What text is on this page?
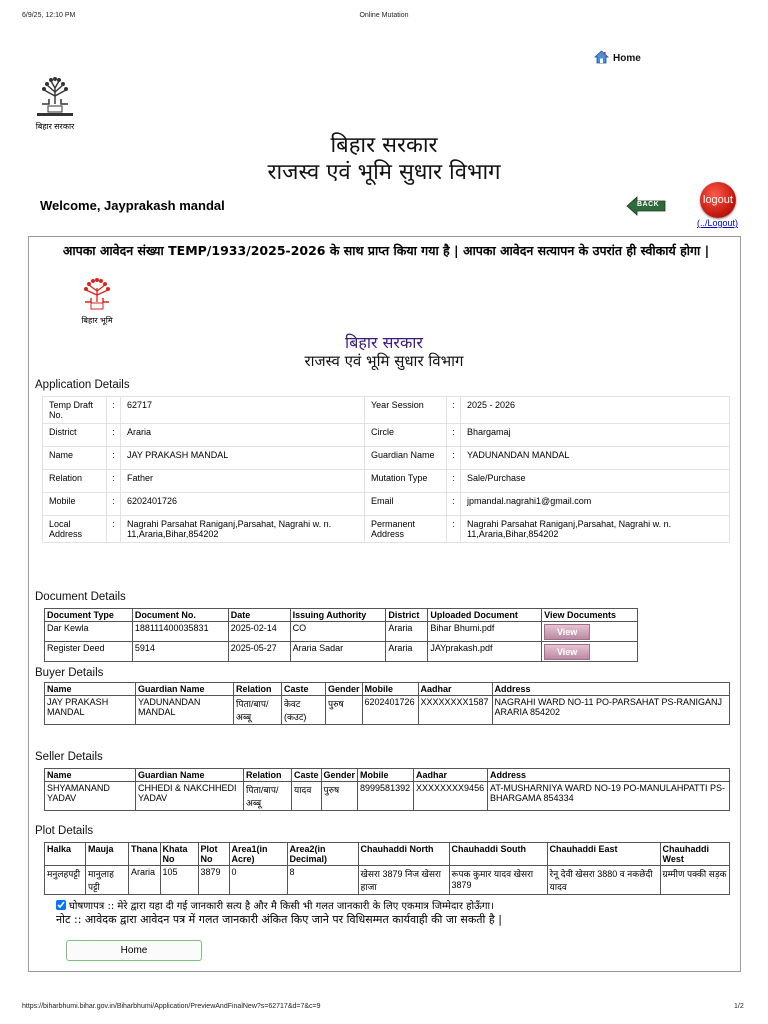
6/9/25, 12:10 PM	Online Mutation
Home
बिहार सरकार
बिहार सरकार
राजस्व एवं भूमि सुधार विभाग
Welcome, Jayprakash mandal	BACK	logout
(../Logout)
आपका आवेदन संख्या TEMP/1933/2025-2026 के साथ प्राप्त किया गया है | आपका आवेदन सत्यापन के उपरांत ही स्वीकार्य होगा |
बिहार भूमि
बिहार सरकार
राजस्व एवं भूमि सुधार विभाग
Application Details
Temp Draft No.	:	62717	Year Session	:	2025 - 2026
District	:	Araria	Circle	:	Bhargamaj
Name	:	JAY PRAKASH MANDAL	Guardian Name	:	YADUNANDAN MANDAL
Relation	:	Father	Mutation Type	:	Sale/Purchase
Mobile	:	6202401726	Email	:	jpmandal.nagrahi1@gmail.com
Local Address	:	Nagrahi Parsahat Raniganj,Parsahat, Nagrahi w. n. 11,Araria,Bihar,854202	Permanent Address	:	Nagrahi Parsahat Raniganj,Parsahat, Nagrahi w. n. 11,Araria,Bihar,854202
Document Details
Document Type	Document No.	Date	Issuing Authority	District	Uploaded Document	View Documents
Dar Kewla	188111400035831	2025-02-14	CO	Araria	Bihar Bhumi.pdf	View
Register Deed	5914	2025-05-27	Araria Sadar	Araria	JAYprakash.pdf	View
Buyer Details
Name	Guardian Name	Relation	Caste	Gender	Mobile	Aadhar	Address
JAY PRAKASH MANDAL	YADUNANDAN MANDAL	पिता/बाप/अब्बू	केवट (कउट)	पुरुष	6202401726	XXXXXXXX1587	NAGRAHI WARD NO-11 PO-PARSAHAT PS-RANIGANJ ARARIA 854202
Seller Details
Name	Guardian Name	Relation	Caste	Gender	Mobile	Aadhar	Address
SHYAMANAND YADAV	CHHEDI & NAKCHHEDI YADAV	पिता/बाप/अब्बू	यादव	पुरुष	8999581392	XXXXXXXX9456	AT-MUSHARNIYA WARD NO-19 PO-MANULAHPATTI PS-BHARGAMA 854334
Plot Details
Halka	Mauja	Thana	Khata No	Plot No	Area1(in Acre)	Area2(in Decimal)	Chauhaddi North	Chauhaddi South	Chauhaddi East	Chauhaddi West
मनुलहपट्टी	मानुलाह पट्टी	Araria	105	3879	0	8	खेसरा 3879 निज खेसरा हाजा	रूपक कुमार यादव खेसरा 3879	रेनू देवी खेसरा 3880 व नकछेदी यादव	ग्रम्मीण पक्की सड़क
घोषणापत्र :: मेरे द्वारा यहा दी गई जानकारी सत्य है और मै किसी भी गलत जानकारी के लिए एकमात्र जिम्मेदार होऊँगा।
नोट :: आवेदक द्वारा आवेदन पत्र में गलत जानकारी अंकित किए जाने पर विधिसम्मत कार्यवाही की जा सकती है |
Home
https://biharbhumi.bihar.gov.in/Biharbhumi/Application/PreviewAndFinalNew?s=62717&d=7&c=9	1/2
